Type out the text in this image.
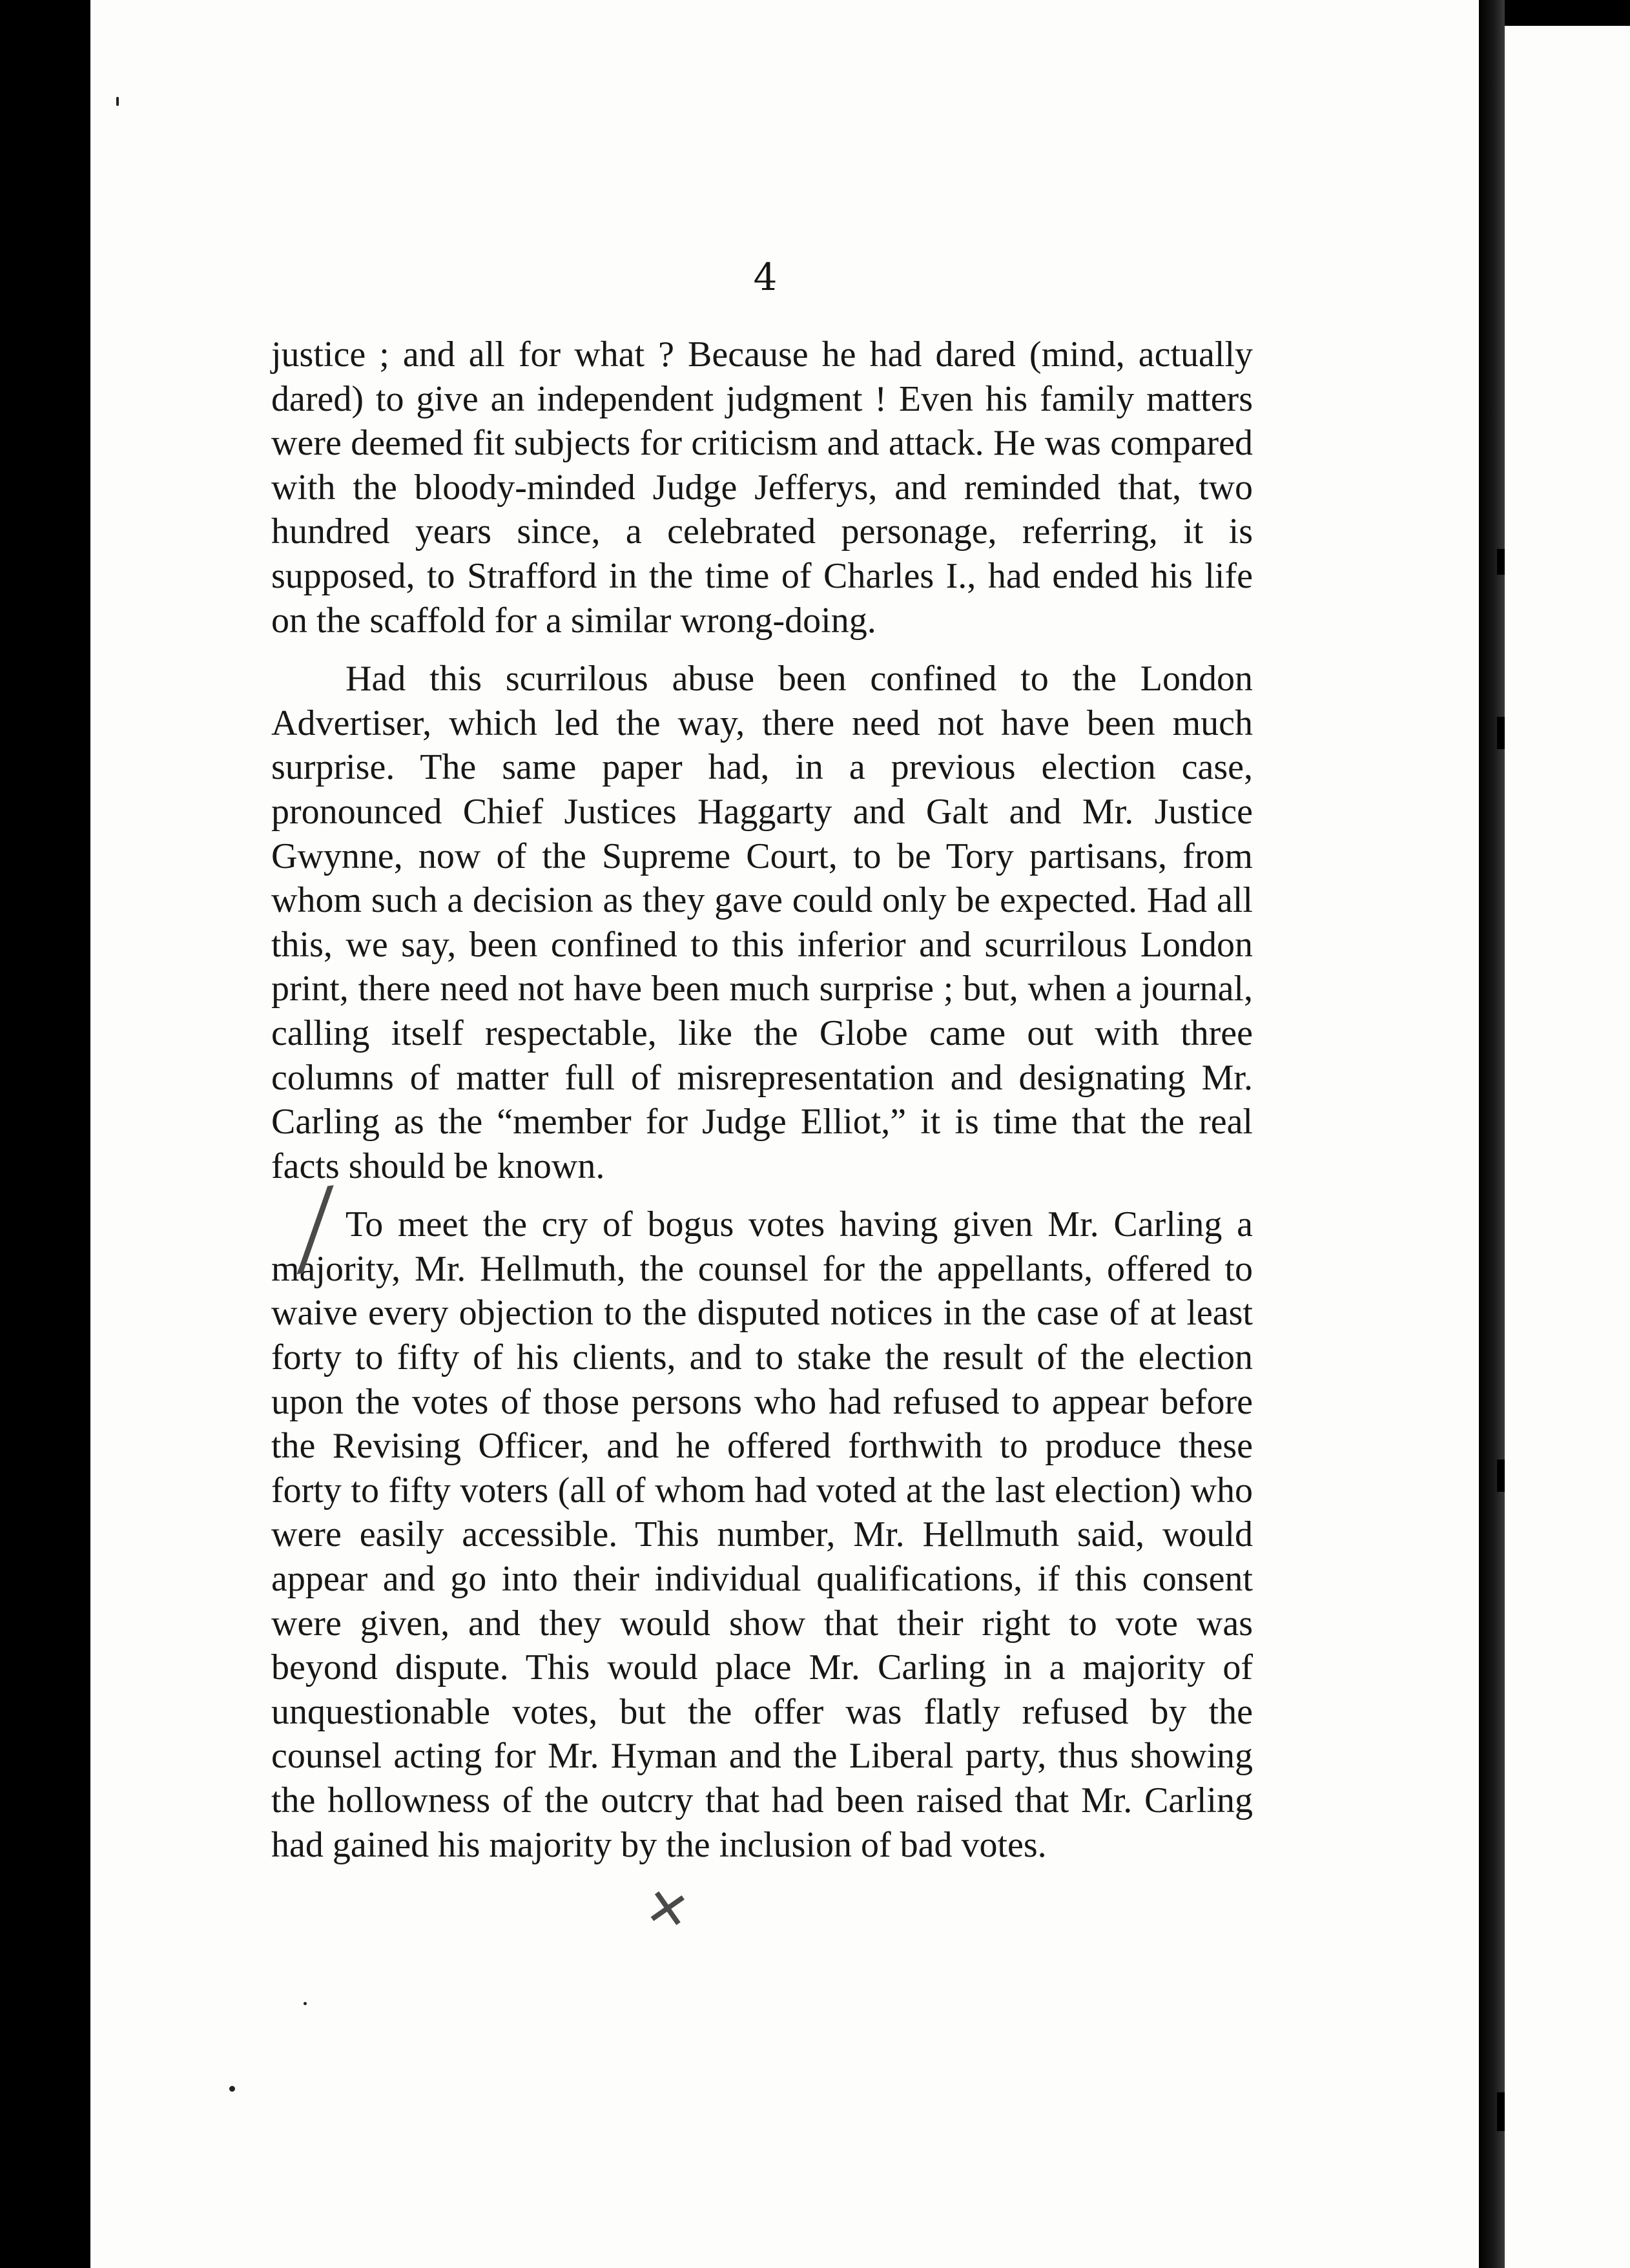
4

justice ; and all for what ? Because he had dared (mind, actually dared) to give an independent judgment ! Even his family matters were deemed fit subjects for criticism and attack. He was compared with the bloody-minded Judge Jefferys, and reminded that, two hundred years since, a celebrated personage, referring, it is supposed, to Strafford in the time of Charles I., had ended his life on the scaffold for a similar wrong-doing.

Had this scurrilous abuse been confined to the London Advertiser, which led the way, there need not have been much surprise. The same paper had, in a previous election case, pronounced Chief Justices Haggarty and Galt and Mr. Justice Gwynne, now of the Supreme Court, to be Tory partisans, from whom such a decision as they gave could only be expected. Had all this, we say, been confined to this inferior and scurrilous London print, there need not have been much surprise ; but, when a journal, calling itself respectable, like the Globe came out with three columns of matter full of misrepresentation and designating Mr. Carling as the “member for Judge Elliot,” it is time that the real facts should be known.

To meet the cry of bogus votes having given Mr. Carling a majority, Mr. Hellmuth, the counsel for the appellants, offered to waive every objection to the disputed notices in the case of at least forty to fifty of his clients, and to stake the result of the election upon the votes of those persons who had refused to appear before the Revising Officer, and he offered forthwith to produce these forty to fifty voters (all of whom had voted at the last election) who were easily accessible. This number, Mr. Hellmuth said, would appear and go into their individual qualifications, if this consent were given, and they would show that their right to vote was beyond dispute. This would place Mr. Carling in a majority of unquestionable votes, but the offer was flatly refused by the counsel acting for Mr. Hyman and the Liberal party, thus showing the hollowness of the outcry that had been raised that Mr. Carling had gained his majority by the inclusion of bad votes.

╱
✕
